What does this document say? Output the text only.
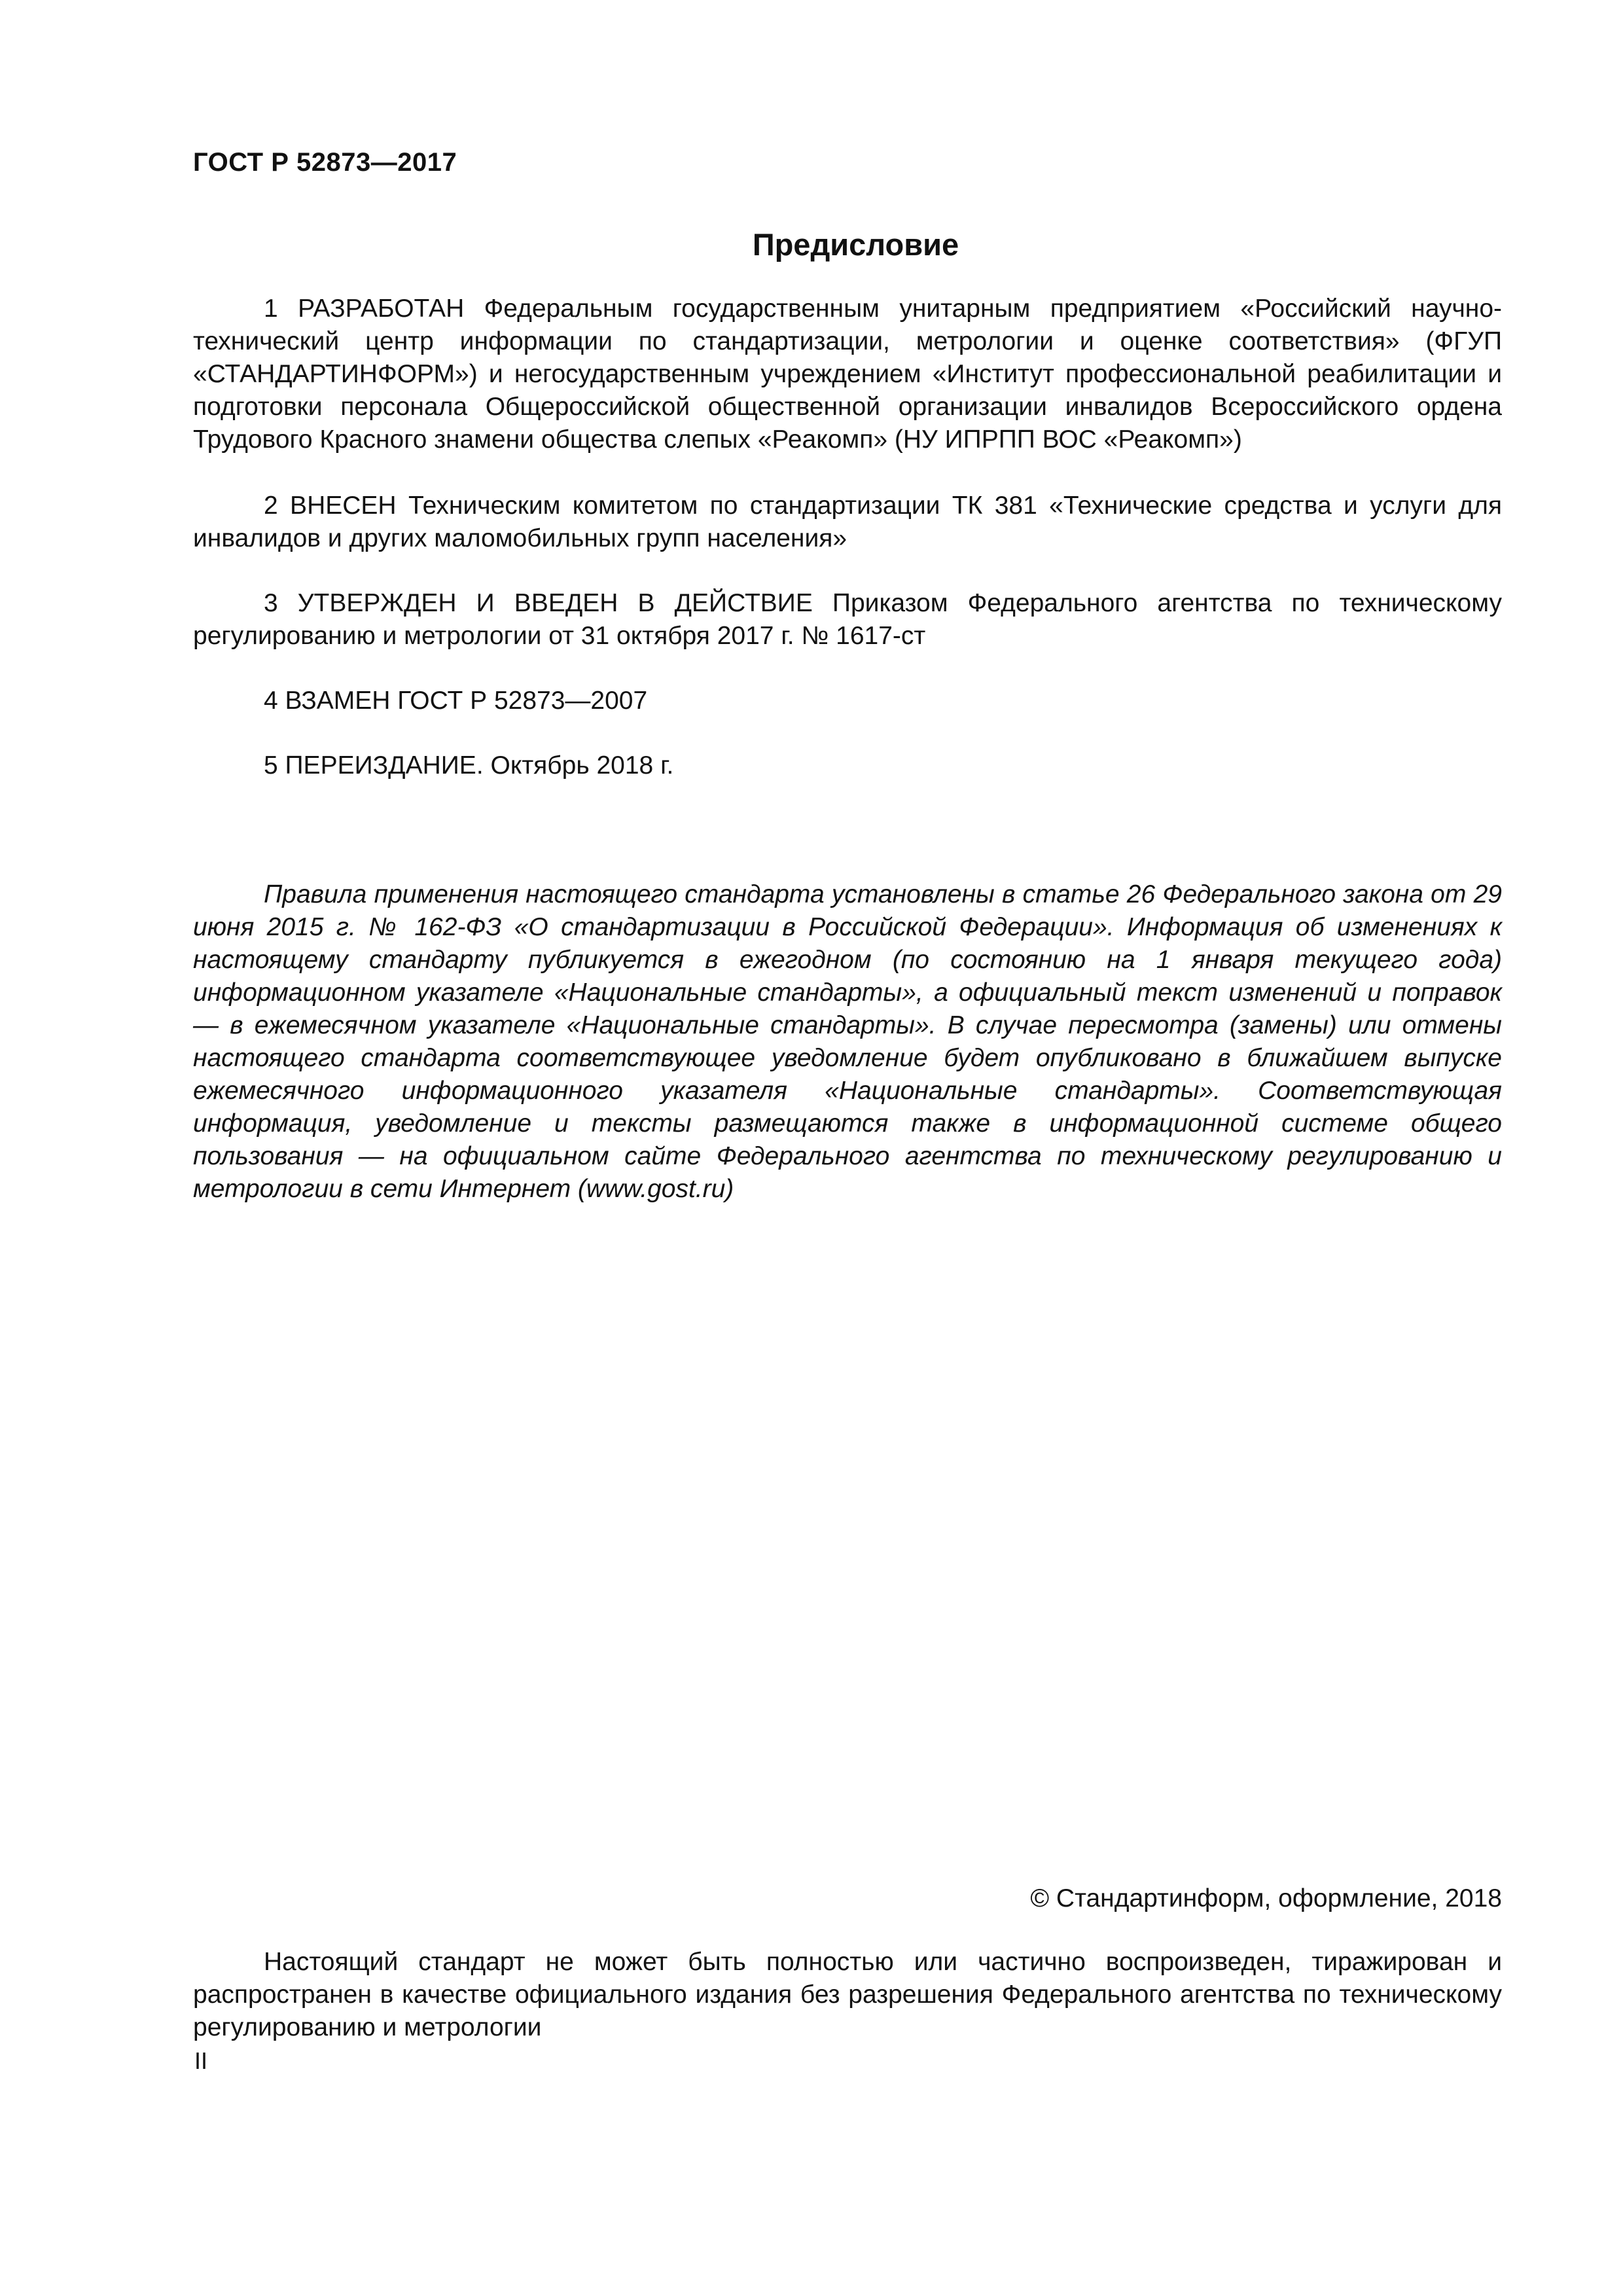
ГОСТ Р 52873—2017
Предисловие

1 РАЗРАБОТАН Федеральным государственным унитарным предприятием «Российский научно-технический центр информации по стандартизации, метрологии и оценке соответствия» (ФГУП «СТАНДАРТИНФОРМ») и негосударственным учреждением «Институт профессиональной реабилитации и подготовки персонала Общероссийской общественной организации инвалидов Всероссийского ордена Трудового Красного знамени общества слепых «Реакомп» (НУ ИПРПП ВОС «Реакомп»)

2 ВНЕСЕН Техническим комитетом по стандартизации ТК 381 «Технические средства и услуги для инвалидов и других маломобильных групп населения»

3 УТВЕРЖДЕН И ВВЕДЕН В ДЕЙСТВИЕ Приказом Федерального агентства по техническому регулированию и метрологии от 31 октября 2017 г. № 1617-ст

4 ВЗАМЕН ГОСТ Р 52873—2007

5 ПЕРЕИЗДАНИЕ. Октябрь 2018 г.

Правила применения настоящего стандарта установлены в статье 26 Федерального закона от 29 июня 2015 г. № 162-ФЗ «О стандартизации в Российской Федерации». Информация об изменениях к настоящему стандарту публикуется в ежегодном (по состоянию на 1 января текущего года) информационном указателе «Национальные стандарты», а официальный текст изменений и поправок — в ежемесячном указателе «Национальные стандарты». В случае пересмотра (замены) или отмены настоящего стандарта соответствующее уведомление будет опубликовано в ближайшем выпуске ежемесячного информационного указателя «Национальные стандарты». Соответствующая информация, уведомление и тексты размещаются также в информационной системе общего пользования — на официальном сайте Федерального агентства по техническому регулированию и метрологии в сети Интернет (www.gost.ru)

© Стандартинформ, оформление, 2018

Настоящий стандарт не может быть полностью или частично воспроизведен, тиражирован и распространен в качестве официального издания без разрешения Федерального агентства по техническому регулированию и метрологии

II
